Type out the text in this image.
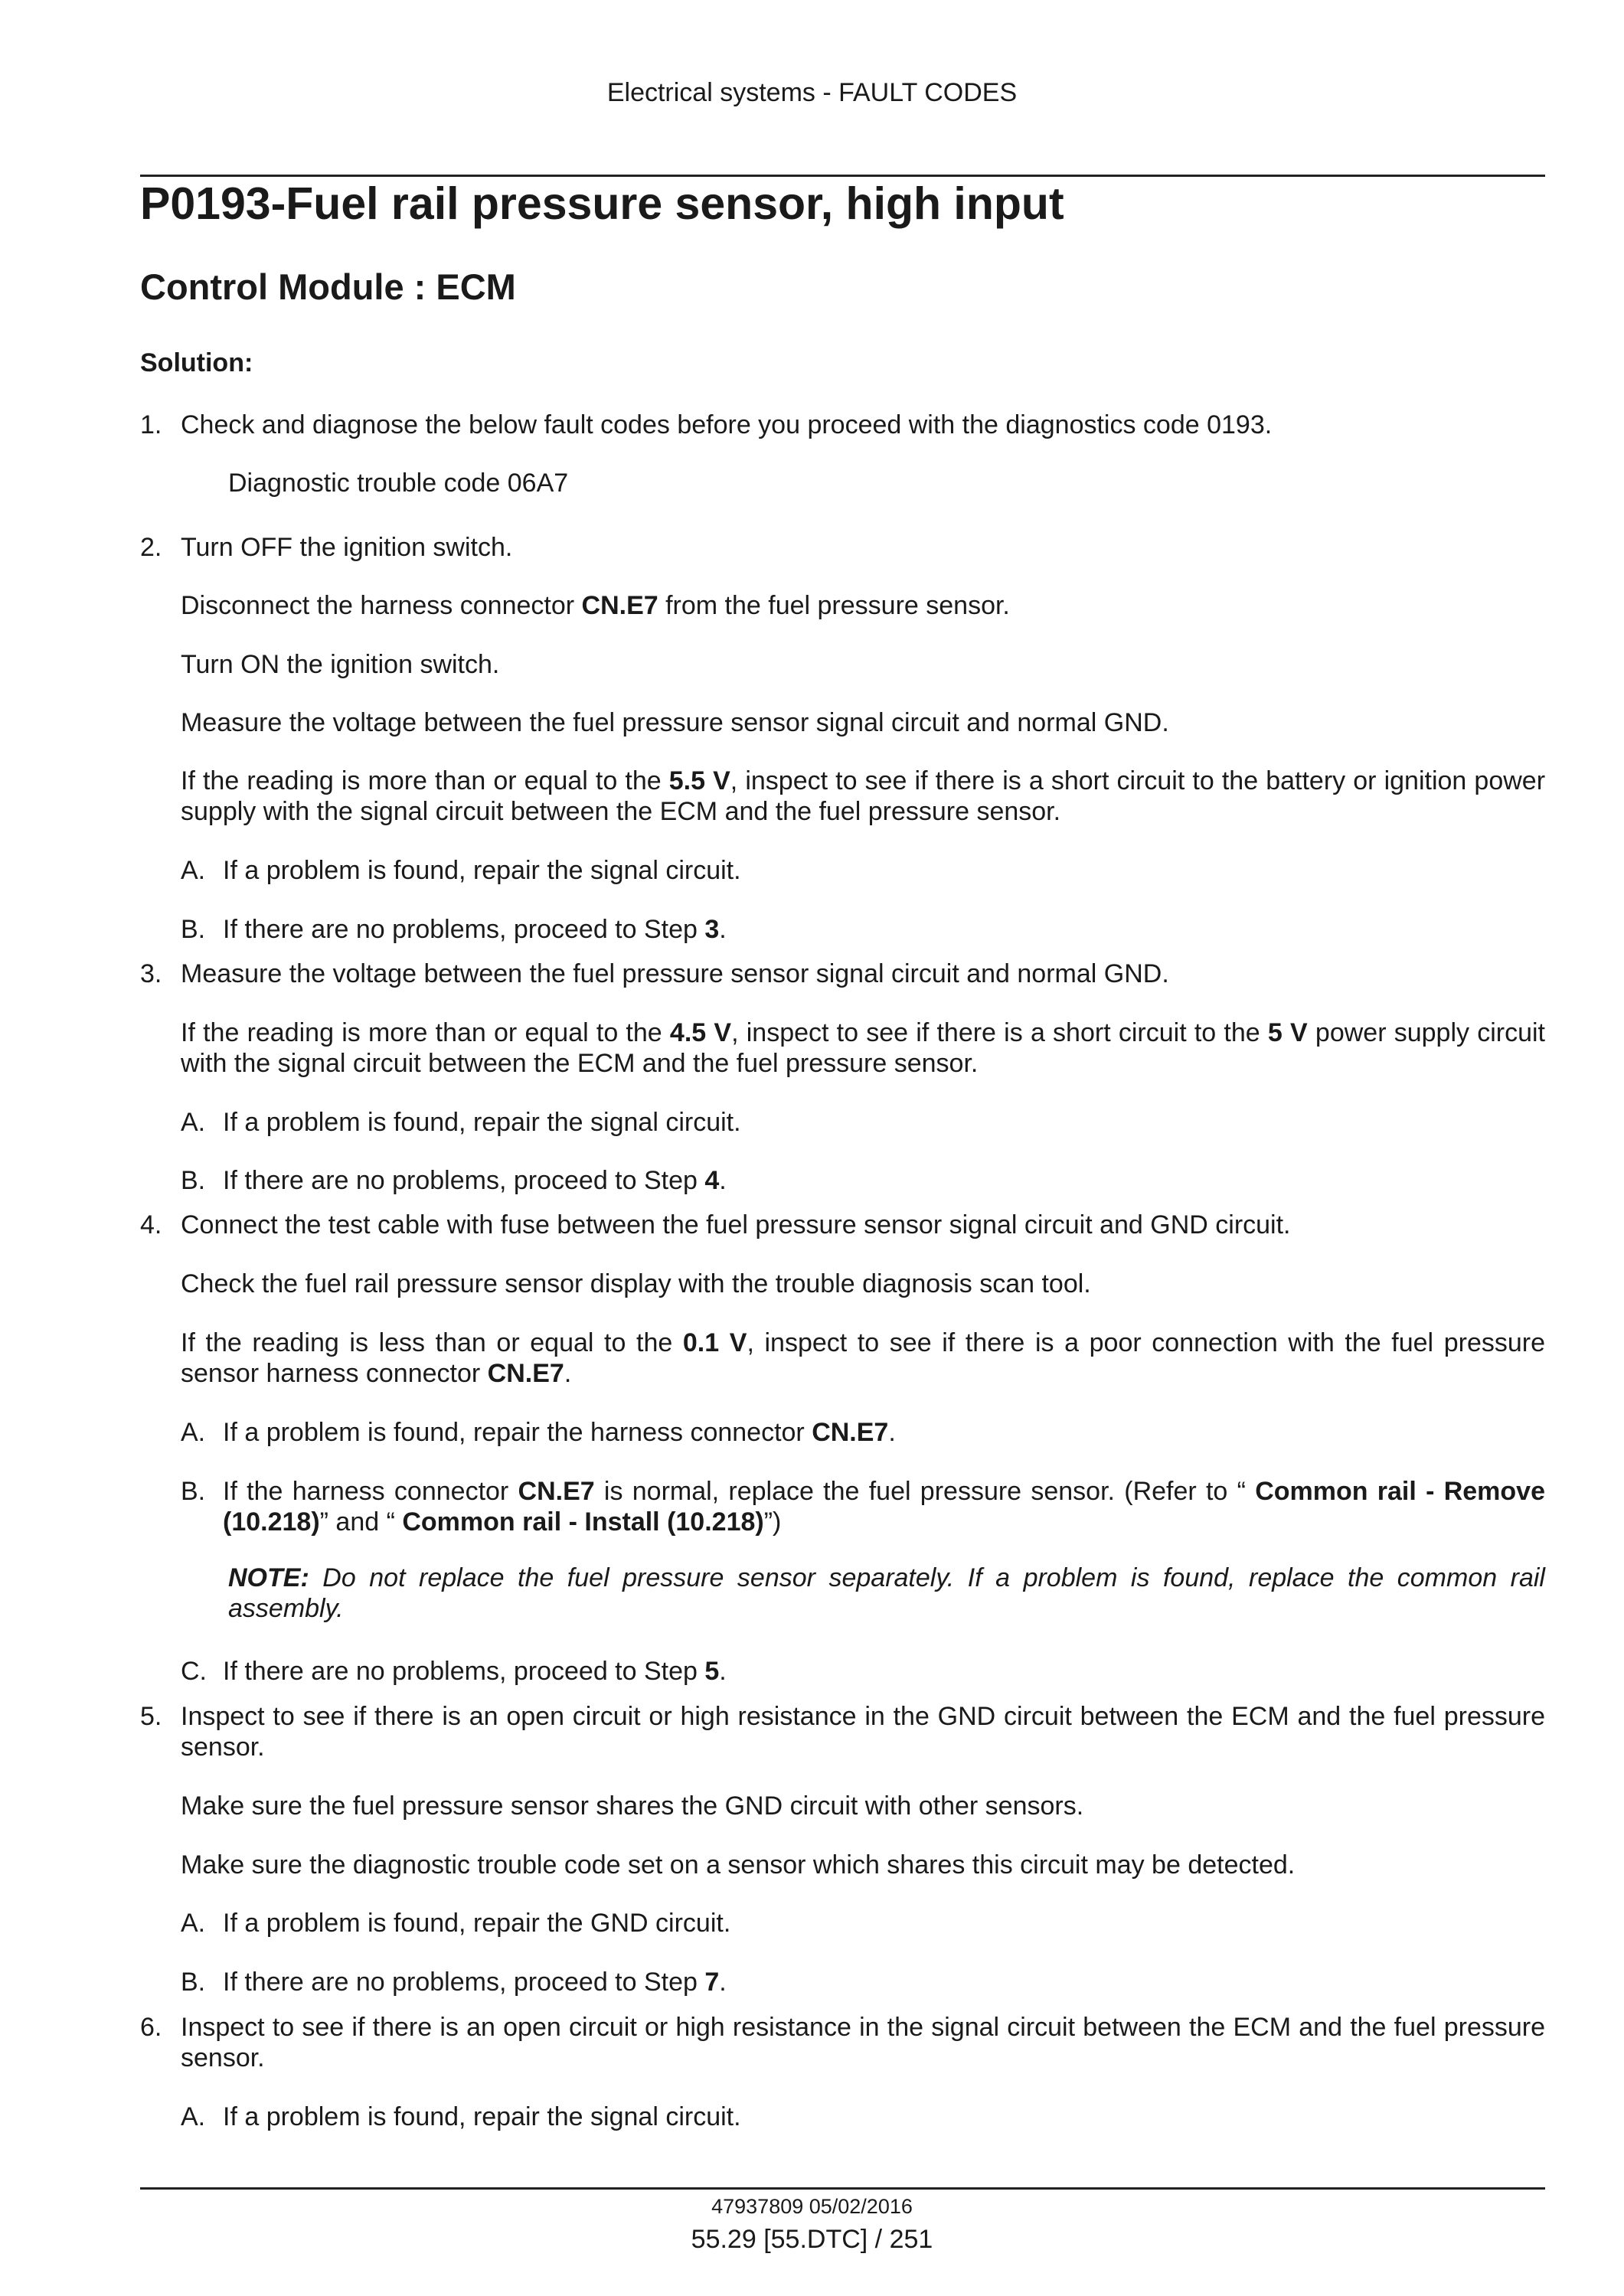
Electrical systems - FAULT CODES
P0193-Fuel rail pressure sensor, high input
Control Module : ECM
Solution:
1. Check and diagnose the below fault codes before you proceed with the diagnostics code 0193.
Diagnostic trouble code 06A7
2. Turn OFF the ignition switch.
Disconnect the harness connector CN.E7 from the fuel pressure sensor.
Turn ON the ignition switch.
Measure the voltage between the fuel pressure sensor signal circuit and normal GND.
If the reading is more than or equal to the 5.5 V, inspect to see if there is a short circuit to the battery or ignition power supply with the signal circuit between the ECM and the fuel pressure sensor.
A. If a problem is found, repair the signal circuit.
B. If there are no problems, proceed to Step 3.
3. Measure the voltage between the fuel pressure sensor signal circuit and normal GND.
If the reading is more than or equal to the 4.5 V, inspect to see if there is a short circuit to the 5 V power supply circuit with the signal circuit between the ECM and the fuel pressure sensor.
A. If a problem is found, repair the signal circuit.
B. If there are no problems, proceed to Step 4.
4. Connect the test cable with fuse between the fuel pressure sensor signal circuit and GND circuit.
Check the fuel rail pressure sensor display with the trouble diagnosis scan tool.
If the reading is less than or equal to the 0.1 V, inspect to see if there is a poor connection with the fuel pressure sensor harness connector CN.E7.
A. If a problem is found, repair the harness connector CN.E7.
B. If the harness connector CN.E7 is normal, replace the fuel pressure sensor. (Refer to “ Common rail - Remove (10.218)” and “ Common rail - Install (10.218)”)
NOTE: Do not replace the fuel pressure sensor separately. If a problem is found, replace the common rail assembly.
C. If there are no problems, proceed to Step 5.
5. Inspect to see if there is an open circuit or high resistance in the GND circuit between the ECM and the fuel pressure sensor.
Make sure the fuel pressure sensor shares the GND circuit with other sensors.
Make sure the diagnostic trouble code set on a sensor which shares this circuit may be detected.
A. If a problem is found, repair the GND circuit.
B. If there are no problems, proceed to Step 7.
6. Inspect to see if there is an open circuit or high resistance in the signal circuit between the ECM and the fuel pressure sensor.
A. If a problem is found, repair the signal circuit.
47937809 05/02/2016
55.29 [55.DTC] / 251
